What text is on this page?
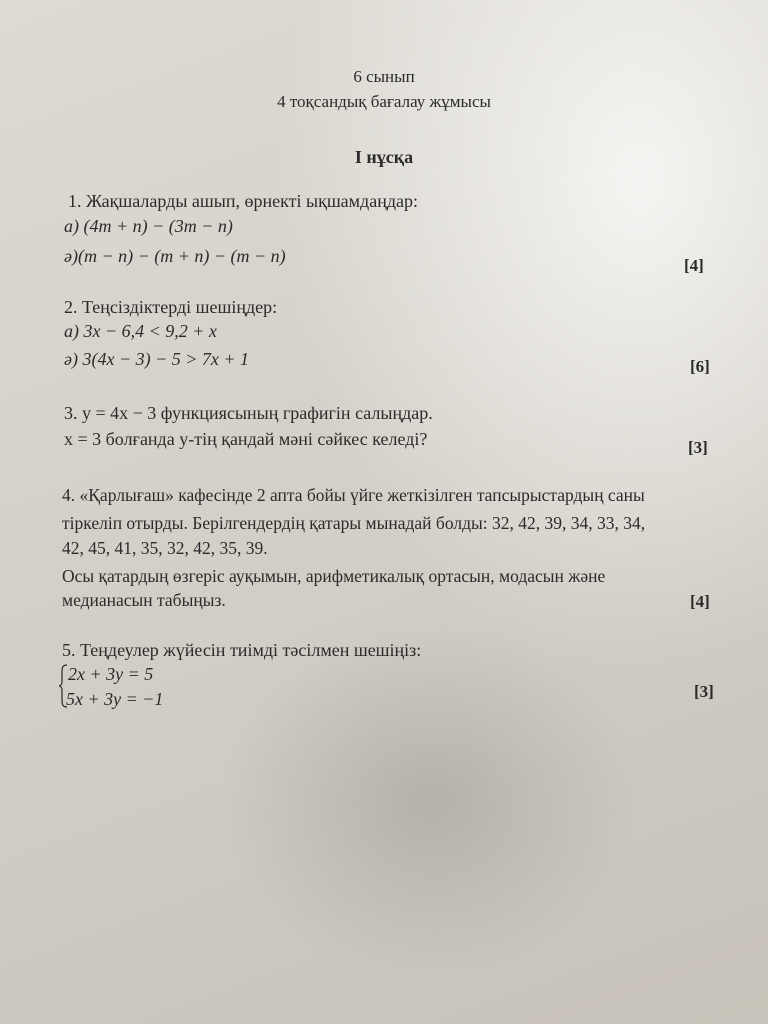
6 сынып
4 тоқсандық бағалау жұмысы
I нұсқа
1. Жақшаларды ашып, өрнекті ықшамдаңдар:
а) (4m + n) − (3m − n)
ә)(m − n) − (m + n) − (m − n)	[4]
2. Теңсіздіктерді шешіңдер:
а) 3x − 6,4 < 9,2 + x
ә) 3(4x − 3) − 5 > 7x + 1	[6]
3. y = 4x − 3 функциясының графигін салыңдар.
x = 3 болғанда у-тің қандай мәні сәйкес келеді?	[3]
4. «Қарлығаш» кафесінде 2 апта бойы үйге жеткізілген тапсырыстардың саны
тіркеліп отырды. Берілгендердің қатары мынадай болды: 32, 42, 39, 34, 33, 34,
42, 45, 41, 35, 32, 42, 35, 39.
Осы қатардың өзгеріс ауқымын, арифметикалық ортасын, модасын және
медианасын табыңыз.	[4]
5. Теңдеулер жүйесін тиімді тәсілмен шешіңіз:
2x + 3y = 5
5x + 3y = −1	[3]
